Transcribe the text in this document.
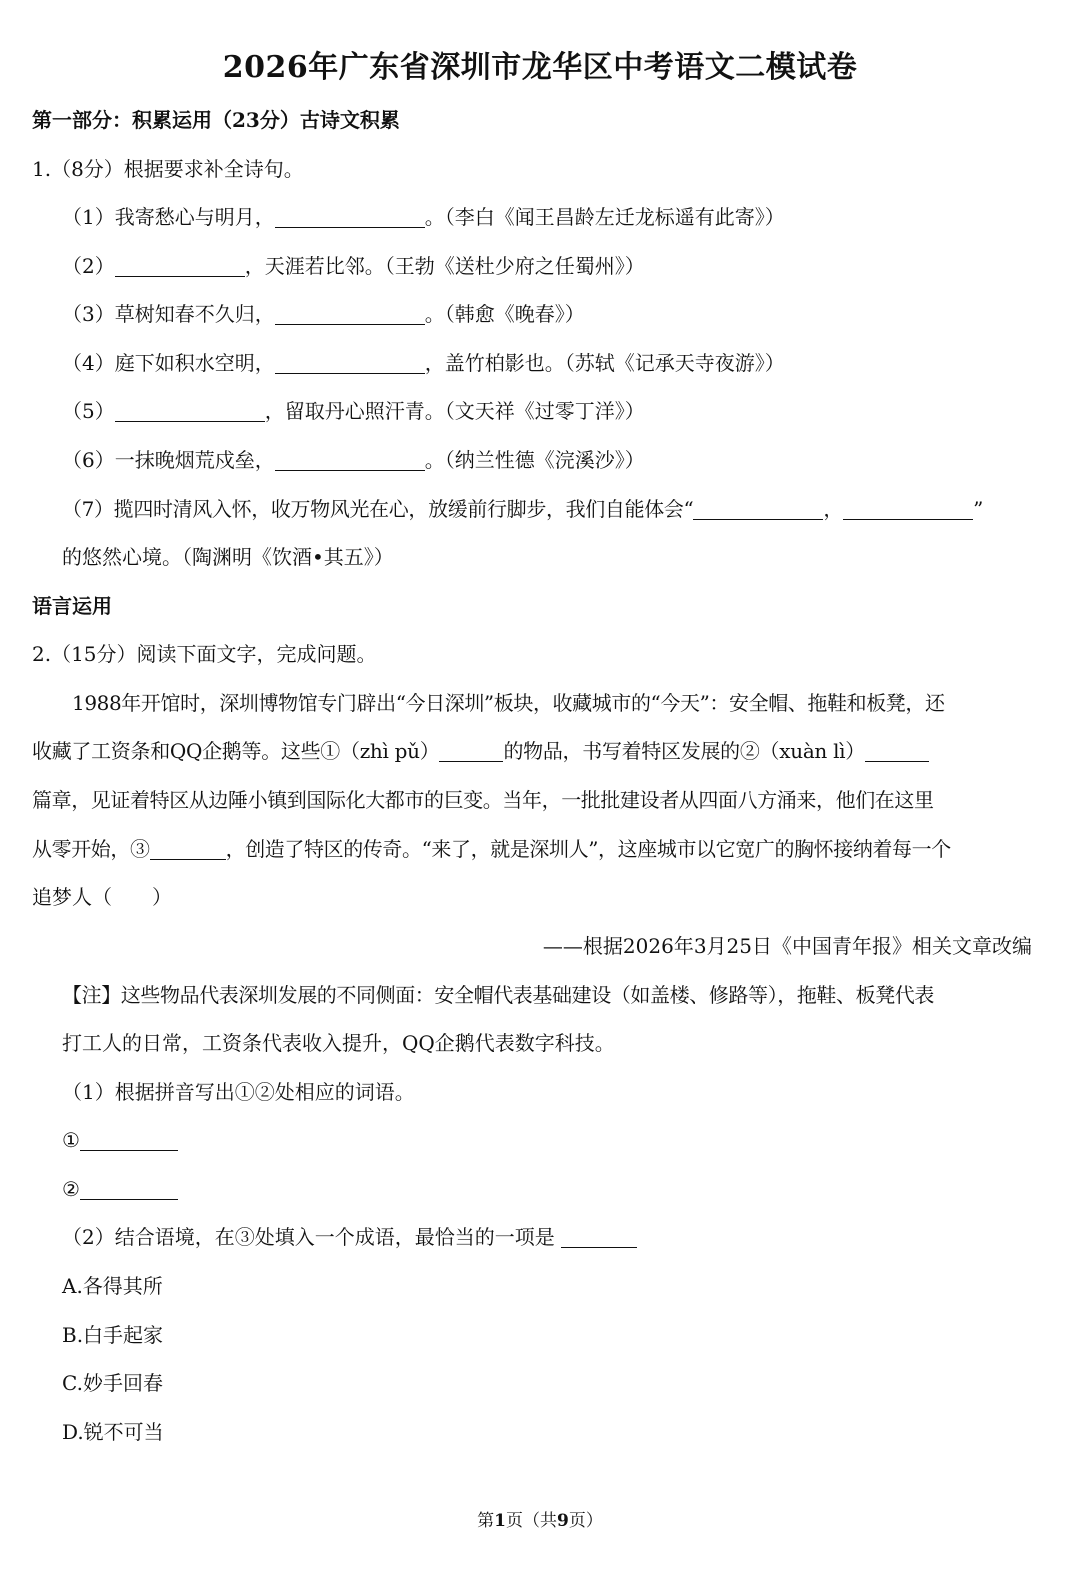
2026年广东省深圳市龙华区中考语文二模试卷
第一部分：积累运用（23分）古诗文积累
1.（8分）根据要求补全诗句。
（1）我寄愁心与明月，	。（李白《闻王昌龄左迁龙标遥有此寄》）
（2）	，天涯若比邻。（王勃《送杜少府之任蜀州》）
（3）草树知春不久归，	。（韩愈《晚春》）
（4）庭下如积水空明，	，盖竹柏影也。（苏轼《记承天寺夜游》）
（5）	，留取丹心照汗青。（文天祥《过零丁洋》）
（6）一抹晚烟荒戍垒，	。（纳兰性德《浣溪沙》）
（7）揽四时清风入怀，收万物风光在心，放缓前行脚步，我们自能体会“	，	”
的悠然心境。（陶渊明《饮酒•其五》）
语言运用
2.（15分）阅读下面文字，完成问题。
1988年开馆时，深圳博物馆专门辟出“今日深圳”板块，收藏城市的“今天”：安全帽、拖鞋和板凳，还
收藏了工资条和QQ企鹅等。这些①（zhì pǔ）	的物品，书写着特区发展的②（xuàn lì）
篇章，见证着特区从边陲小镇到国际化大都市的巨变。当年，一批批建设者从四面八方涌来，他们在这里
从零开始，③	，创造了特区的传奇。“来了，就是深圳人”，这座城市以它宽广的胸怀接纳着每一个
追梦人（ ）
——根据2026年3月25日《中国青年报》相关文章改编
【注】这些物品代表深圳发展的不同侧面：安全帽代表基础建设（如盖楼、修路等），拖鞋、板凳代表
打工人的日常，工资条代表收入提升，QQ企鹅代表数字科技。
（1）根据拼音写出①②处相应的词语。
①
②
（2）结合语境，在③处填入一个成语，最恰当的一项是
A.各得其所
B.白手起家
C.妙手回春
D.锐不可当
第1页（共9页）
